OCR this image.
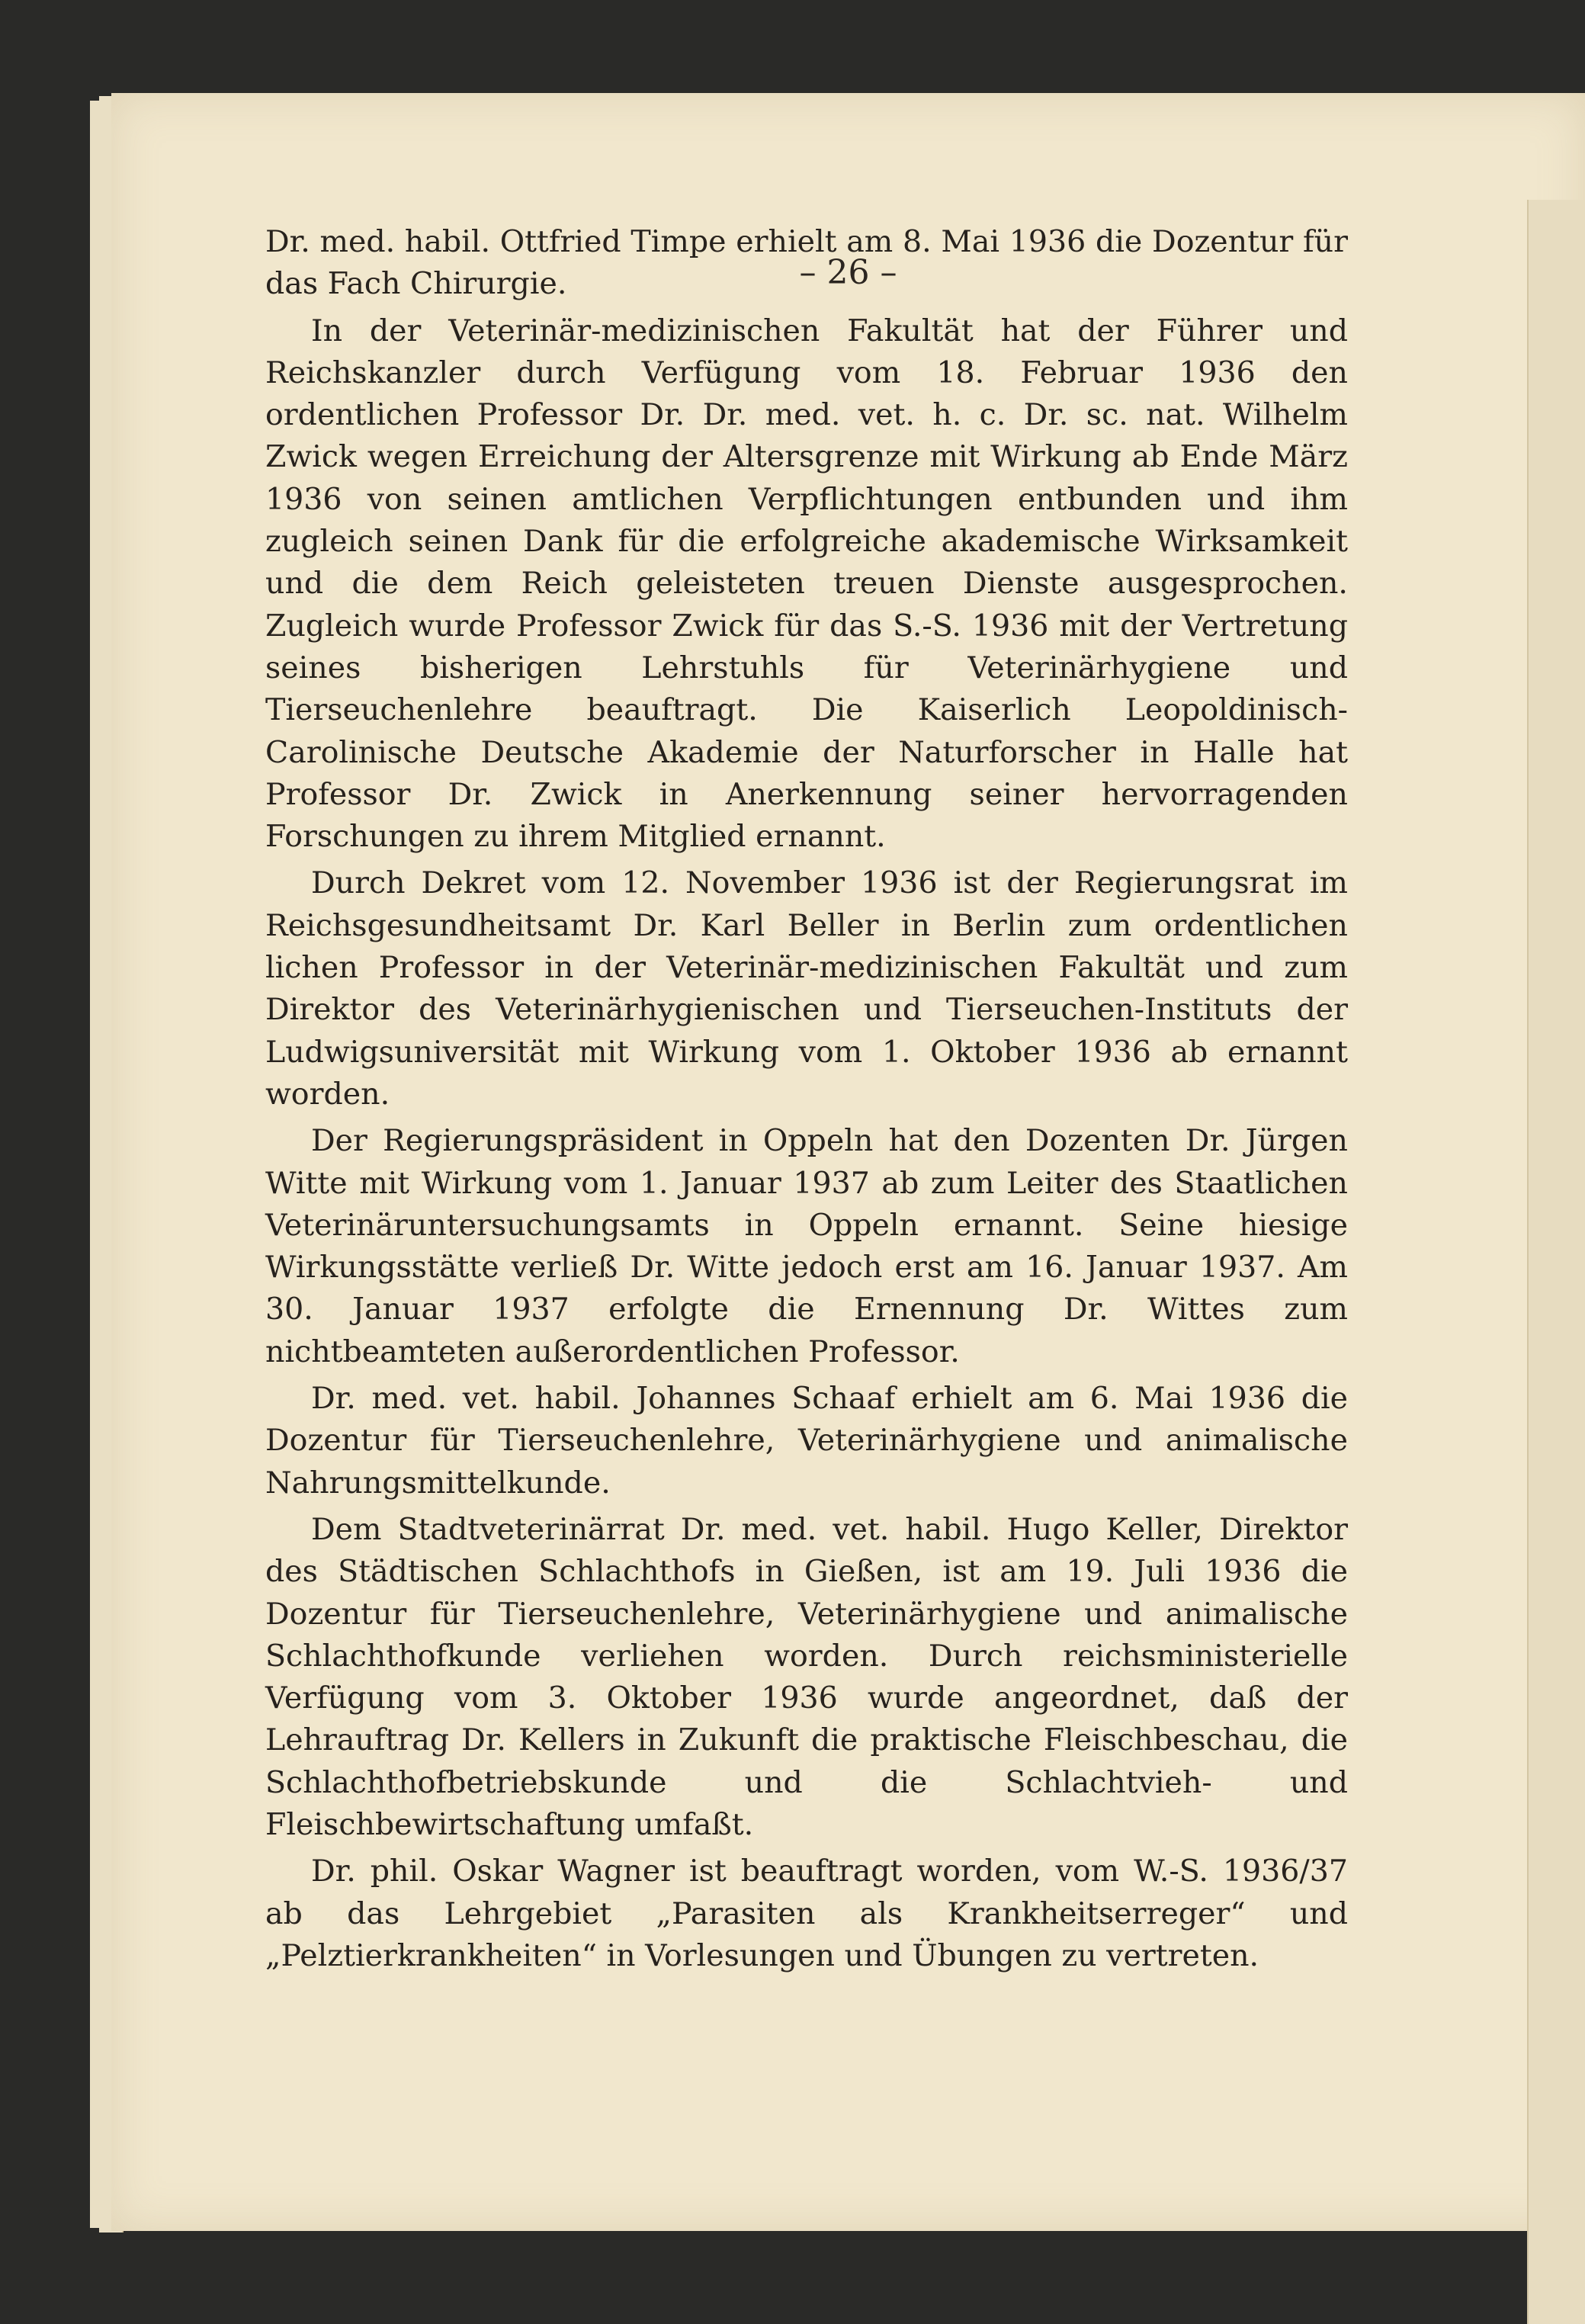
– 26 –

Dr. med. habil. Ottfried Timpe erhielt am 8. Mai 1936 die Dozentur für das Fach Chirurgie.

In der Veterinär-medizinischen Fakultät hat der Führer und Reichskanzler durch Verfügung vom 18. Februar 1936 den ordentlichen Professor Dr. Dr. med. vet. h. c. Dr. sc. nat. Wilhelm Zwick wegen Erreichung der Altersgrenze mit Wirkung ab Ende März 1936 von seinen amtlichen Verpflichtungen entbunden und ihm zugleich seinen Dank für die erfolgreiche akademische Wirksamkeit und die dem Reich geleisteten treuen Dienste ausgesprochen. Zugleich wurde Professor Zwick für das S.-S. 1936 mit der Vertretung seines bisherigen Lehrstuhls für Veterinärhygiene und Tierseuchenlehre beauftragt. Die Kaiserlich Leopoldinisch-Carolinische Deutsche Akademie der Naturforscher in Halle hat Professor Dr. Zwick in Anerkennung seiner hervorragenden Forschungen zu ihrem Mitglied ernannt.

Durch Dekret vom 12. November 1936 ist der Regierungsrat im Reichsgesundheitsamt Dr. Karl Beller in Berlin zum ordentlichen lichen Professor in der Veterinär-medizinischen Fakultät und zum Direktor des Veterinärhygienischen und Tierseuchen-Instituts der Ludwigsuniversität mit Wirkung vom 1. Oktober 1936 ab ernannt worden.

Der Regierungspräsident in Oppeln hat den Dozenten Dr. Jürgen Witte mit Wirkung vom 1. Januar 1937 ab zum Leiter des Staatlichen Veterinäruntersuchungsamts in Oppeln ernannt. Seine hiesige Wirkungsstätte verließ Dr. Witte jedoch erst am 16. Januar 1937. Am 30. Januar 1937 erfolgte die Ernennung Dr. Wittes zum nichtbeamteten außerordentlichen Professor.

Dr. med. vet. habil. Johannes Schaaf erhielt am 6. Mai 1936 die Dozentur für Tierseuchenlehre, Veterinärhygiene und animalische Nahrungsmittelkunde.

Dem Stadtveterinärrat Dr. med. vet. habil. Hugo Keller, Direktor des Städtischen Schlachthofs in Gießen, ist am 19. Juli 1936 die Dozentur für Tierseuchenlehre, Veterinärhygiene und animalische Schlachthofkunde verliehen worden. Durch reichsministerielle Verfügung vom 3. Oktober 1936 wurde angeordnet, daß der Lehrauftrag Dr. Kellers in Zukunft die praktische Fleischbeschau, die Schlachthofbetriebskunde und die Schlachtvieh- und Fleischbewirtschaftung umfaßt.

Dr. phil. Oskar Wagner ist beauftragt worden, vom W.-S. 1936/37 ab das Lehrgebiet „Parasiten als Krankheitserreger“ und „Pelztierkrankheiten“ in Vorlesungen und Übungen zu vertreten.
